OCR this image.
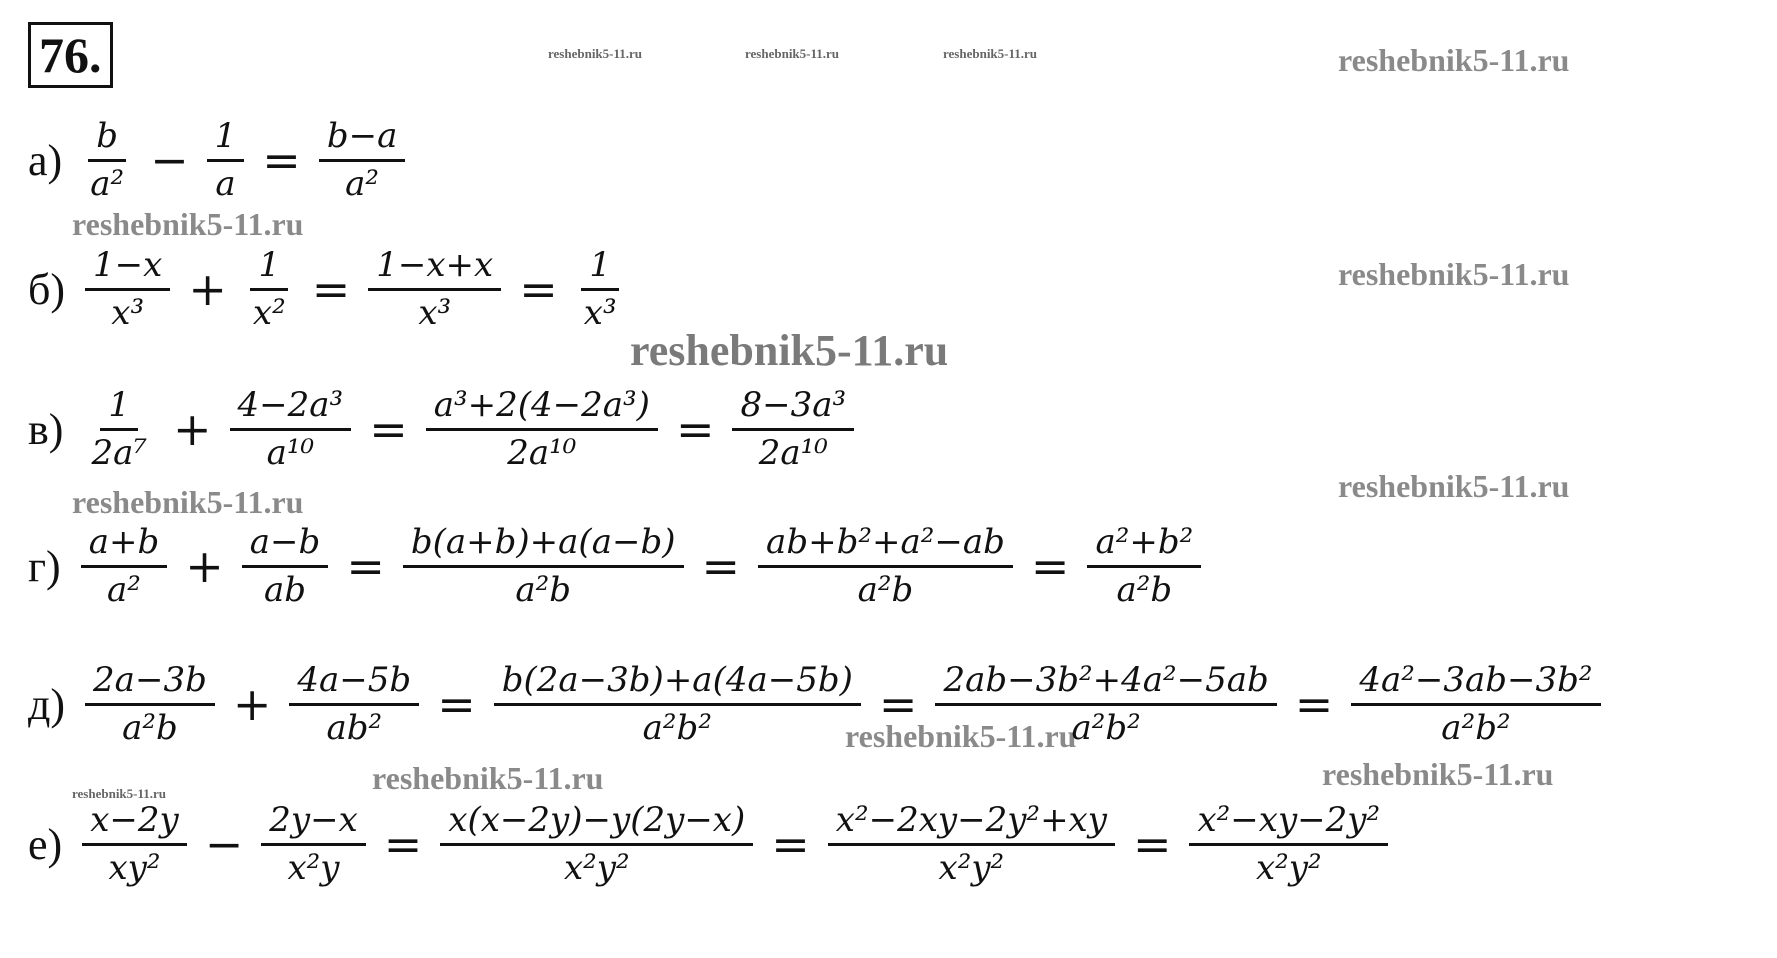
76.	reshebnik5-11.ru	reshebnik5-11.ru	reshebnik5-11.ru	reshebnik5-11.ru
reshebnik5-11.ru
reshebnik5-11.ru
reshebnik5-11.ru
reshebnik5-11.ru
reshebnik5-11.ru
reshebnik5-11.ru
reshebnik5-11.ru	reshebnik5-11.ru	reshebnik5-11.ru
$а) \frac{b}{\text{a²}} - \frac{1}{a} = \frac{b-a}{\text{a²}}$
$б) \frac{1-x}{\text{x³}} + \frac{1}{\text{x²}} = \frac{1-x+x}{\text{x³}} = \frac{1}{\text{x³}}$
$в) \frac{1}{\text{2a⁷}} + \frac{\text{4−2a³}}{\text{a¹⁰}} = \frac{\text{a³+2(4−2a³)}}{\text{2a¹⁰}} = \frac{\text{8−3a³}}{\text{2a¹⁰}}$
$г) \frac{a+b}{\text{a²}} + \frac{a-b}{ab} = \frac{b(a+b)+a(a-b)}{\text{a²b}} = \frac{\text{ab+b²+a²−ab}}{\text{a²b}} = \frac{\text{a²+b²}}{\text{a²b}}$
$д) \frac{2a-3b}{\text{a²b}} + \frac{4a-5b}{\text{ab²}} = \frac{b(2a-3b)+a(4a-5b)}{\text{a²b²}} = \frac{\text{2ab−3b²+4a²−5ab}}{\text{a²b²}} = \frac{\text{4a²−3ab−3b²}}{\text{a²b²}}$
$е) \frac{x-2y}{\text{xy²}} - \frac{2y-x}{\text{x²y}} = \frac{x(x-2y)-y(2y-x)}{\text{x²y²}} = \frac{\text{x²−2xy−2y²+xy}}{\text{x²y²}} = \frac{\text{x²−xy−2y²}}{\text{x²y²}}$
